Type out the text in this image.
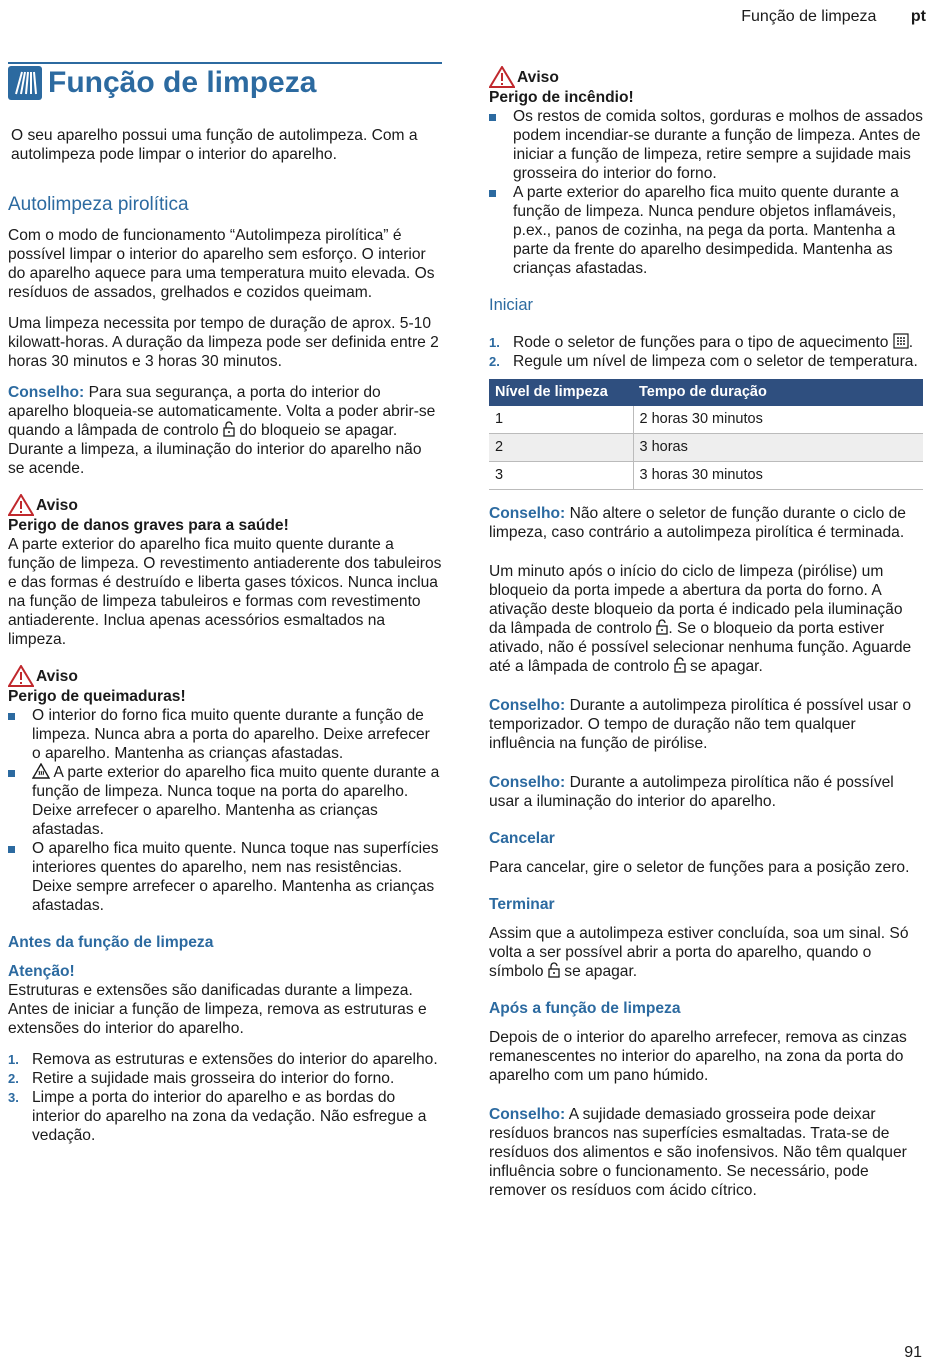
Função de limpeza pt
Função de limpeza

O seu aparelho possui uma função de autolimpeza. Com a autolimpeza pode limpar o interior do aparelho.

Autolimpeza pirolítica

Com o modo de funcionamento “Autolimpeza pirolítica” é possível limpar o interior do aparelho sem esforço. O interior do aparelho aquece para uma temperatura muito elevada. Os resíduos de assados, grelhados e cozidos queimam.

Uma limpeza necessita por tempo de duração de aprox. 5-10 kilowatt-horas. A duração da limpeza pode ser definida entre 2 horas 30 minutos e 3 horas 30 minutos.

Conselho: Para sua segurança, a porta do interior do aparelho bloqueia-se automaticamente. Volta a poder abrir-se quando a lâmpada de controlo do bloqueio se apagar. Durante a limpeza, a iluminação do interior do aparelho não se acende.

Aviso
Perigo de danos graves para a saúde!

A parte exterior do aparelho fica muito quente durante a função de limpeza. O revestimento antiaderente dos tabuleiros e das formas é destruído e liberta gases tóxicos. Nunca inclua na função de limpeza tabuleiros e formas com revestimento antiaderente. Inclua apenas acessórios esmaltados na limpeza.

Aviso
Perigo de queimaduras!
O interior do forno fica muito quente durante a função de limpeza. Nunca abra a porta do aparelho. Deixe arrefecer o aparelho. Mantenha as crianças afastadas.
A parte exterior do aparelho fica muito quente durante a função de limpeza. Nunca toque na porta do aparelho. Deixe arrefecer o aparelho. Mantenha as crianças afastadas.
O aparelho fica muito quente. Nunca toque nas superfícies interiores quentes do aparelho, nem nas resistências. Deixe sempre arrefecer o aparelho. Mantenha as crianças afastadas.
Antes da função de limpeza
Atenção!

Estruturas e extensões são danificadas durante a limpeza. Antes de iniciar a função de limpeza, remova as estruturas e extensões do interior do aparelho.

1. Remova as estruturas e extensões do interior do aparelho.
2. Retire a sujidade mais grosseira do interior do forno.
3. Limpe a porta do interior do aparelho e as bordas do interior do aparelho na zona da vedação. Não esfregue a vedação.
Aviso
Perigo de incêndio!
Os restos de comida soltos, gorduras e molhos de assados podem incendiar-se durante a função de limpeza. Antes de iniciar a função de limpeza, retire sempre a sujidade mais grosseira do interior do forno.
A parte exterior do aparelho fica muito quente durante a função de limpeza. Nunca pendure objetos inflamáveis, p.ex., panos de cozinha, na pega da porta. Mantenha a parte da frente do aparelho desimpedida. Mantenha as crianças afastadas.
Iniciar
1. Rode o seletor de funções para o tipo de aquecimento .
2. Regule um nível de limpeza com o seletor de temperatura.
Nível de limpeza	Tempo de duração
1	2 horas 30 minutos
2	3 horas
3	3 horas 30 minutos

Conselho: Não altere o seletor de função durante o ciclo de limpeza, caso contrário a autolimpeza pirolítica é terminada.

Um minuto após o início do ciclo de limpeza (pirólise) um bloqueio da porta impede a abertura da porta do forno. A ativação deste bloqueio da porta é indicado pela iluminação da lâmpada de controlo . Se o bloqueio da porta estiver ativado, não é possível selecionar nenhuma função. Aguarde até a lâmpada de controlo se apagar.

Conselho: Durante a autolimpeza pirolítica é possível usar o temporizador. O tempo de duração não tem qualquer influência na função de pirólise.

Conselho: Durante a autolimpeza pirolítica não é possível usar a iluminação do interior do aparelho.

Cancelar

Para cancelar, gire o seletor de funções para a posição zero.

Terminar

Assim que a autolimpeza estiver concluída, soa um sinal. Só volta a ser possível abrir a porta do aparelho, quando o símbolo se apagar.

Após a função de limpeza

Depois de o interior do aparelho arrefecer, remova as cinzas remanescentes no interior do aparelho, na zona da porta do aparelho com um pano húmido.

Conselho: A sujidade demasiado grosseira pode deixar resíduos brancos nas superfícies esmaltadas. Trata-se de resíduos dos alimentos e são inofensivos. Não têm qualquer influência sobre o funcionamento. Se necessário, pode remover os resíduos com ácido cítrico.

91
